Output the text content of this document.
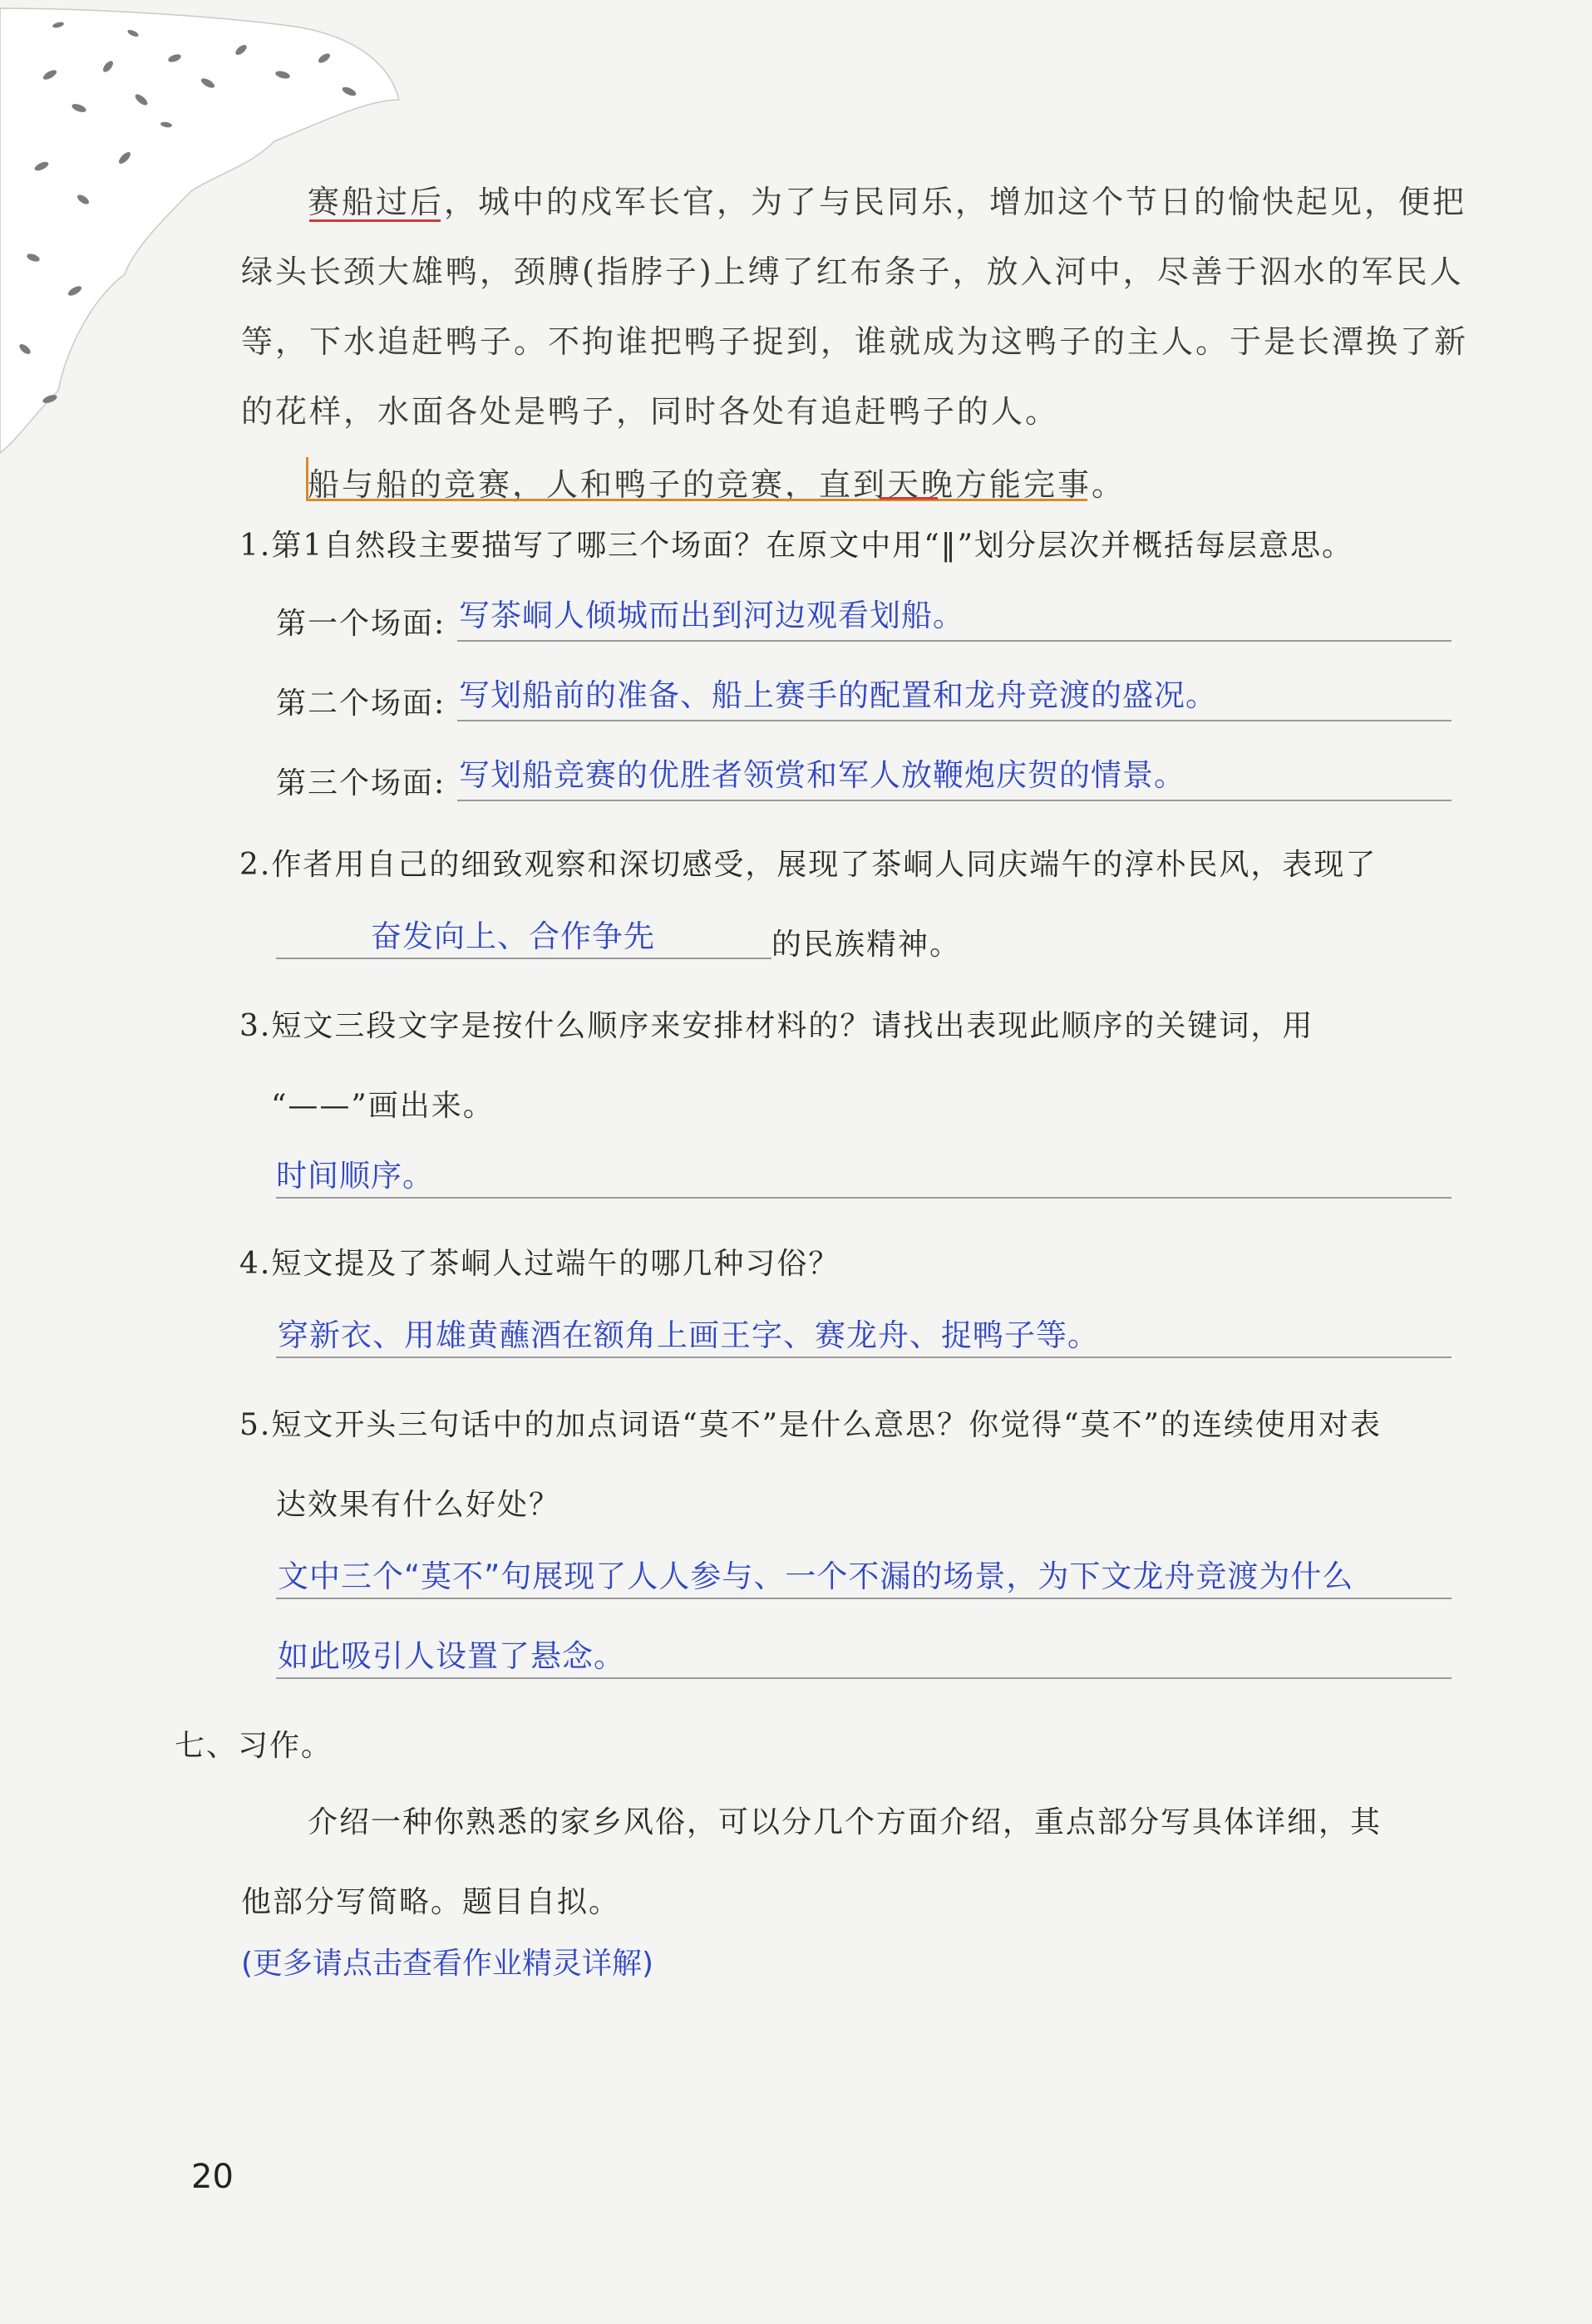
赛船过后，城中的戍军长官，为了与民同乐，增加这个节日的愉快起见，便把
绿头长颈大雄鸭，颈膊(指脖子)上缚了红布条子，放入河中，尽善于泅水的军民人
等，下水追赶鸭子。不拘谁把鸭子捉到，谁就成为这鸭子的主人。于是长潭换了新
的花样，水面各处是鸭子，同时各处有追赶鸭子的人。
船与船的竞赛，人和鸭子的竞赛，直到天晚方能完事。
1.第1自然段主要描写了哪三个场面？在原文中用“‖”划分层次并概括每层意思。
第一个场面: 写茶峒人倾城而出到河边观看划船。
第二个场面: 写划船前的准备、船上赛手的配置和龙舟竞渡的盛况。
第三个场面: 写划船竞赛的优胜者领赏和军人放鞭炮庆贺的情景。
2.作者用自己的细致观察和深切感受，展现了茶峒人同庆端午的淳朴民风，表现了
奋发向上、合作争先	的民族精神。
3.短文三段文字是按什么顺序来安排材料的？请找出表现此顺序的关键词，用
“——”画出来。
时间顺序。
4.短文提及了茶峒人过端午的哪几种习俗？
穿新衣、用雄黄蘸酒在额角上画王字、赛龙舟、捉鸭子等。
5.短文开头三句话中的加点词语“莫不”是什么意思？你觉得“莫不”的连续使用对表
达效果有什么好处？
文中三个“莫不”句展现了人人参与、一个不漏的场景，为下文龙舟竞渡为什么
如此吸引人设置了悬念。
七、习作。
介绍一种你熟悉的家乡风俗，可以分几个方面介绍，重点部分写具体详细，其
他部分写简略。题目自拟。
(更多请点击查看作业精灵详解)
20
